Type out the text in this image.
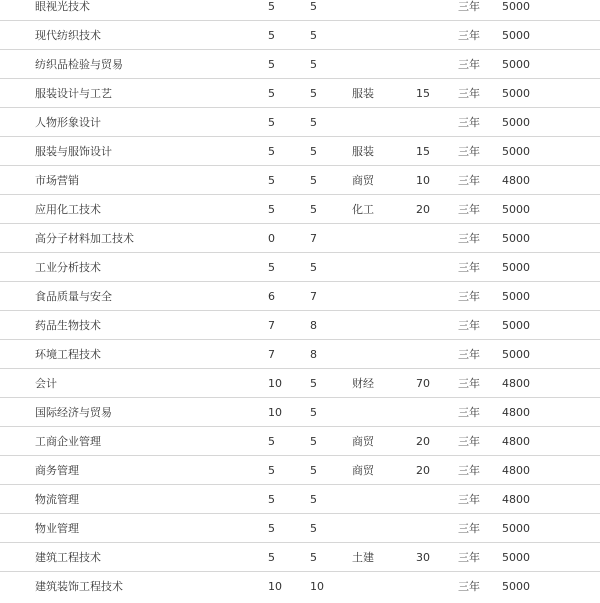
眼视光技术	5	5			三年	5000
现代纺织技术	5	5			三年	5000
纺织品检验与贸易	5	5			三年	5000
服装设计与工艺	5	5	服装	15	三年	5000
人物形象设计	5	5			三年	5000
服装与服饰设计	5	5	服装	15	三年	5000
市场营销	5	5	商贸	10	三年	4800
应用化工技术	5	5	化工	20	三年	5000
高分子材料加工技术	0	7			三年	5000
工业分析技术	5	5			三年	5000
食品质量与安全	6	7			三年	5000
药品生物技术	7	8			三年	5000
环境工程技术	7	8			三年	5000
会计	10	5	财经	70	三年	4800
国际经济与贸易	10	5			三年	4800
工商企业管理	5	5	商贸	20	三年	4800
商务管理	5	5	商贸	20	三年	4800
物流管理	5	5			三年	4800
物业管理	5	5			三年	5000
建筑工程技术	5	5	土建	30	三年	5000
建筑装饰工程技术	10	10			三年	5000
